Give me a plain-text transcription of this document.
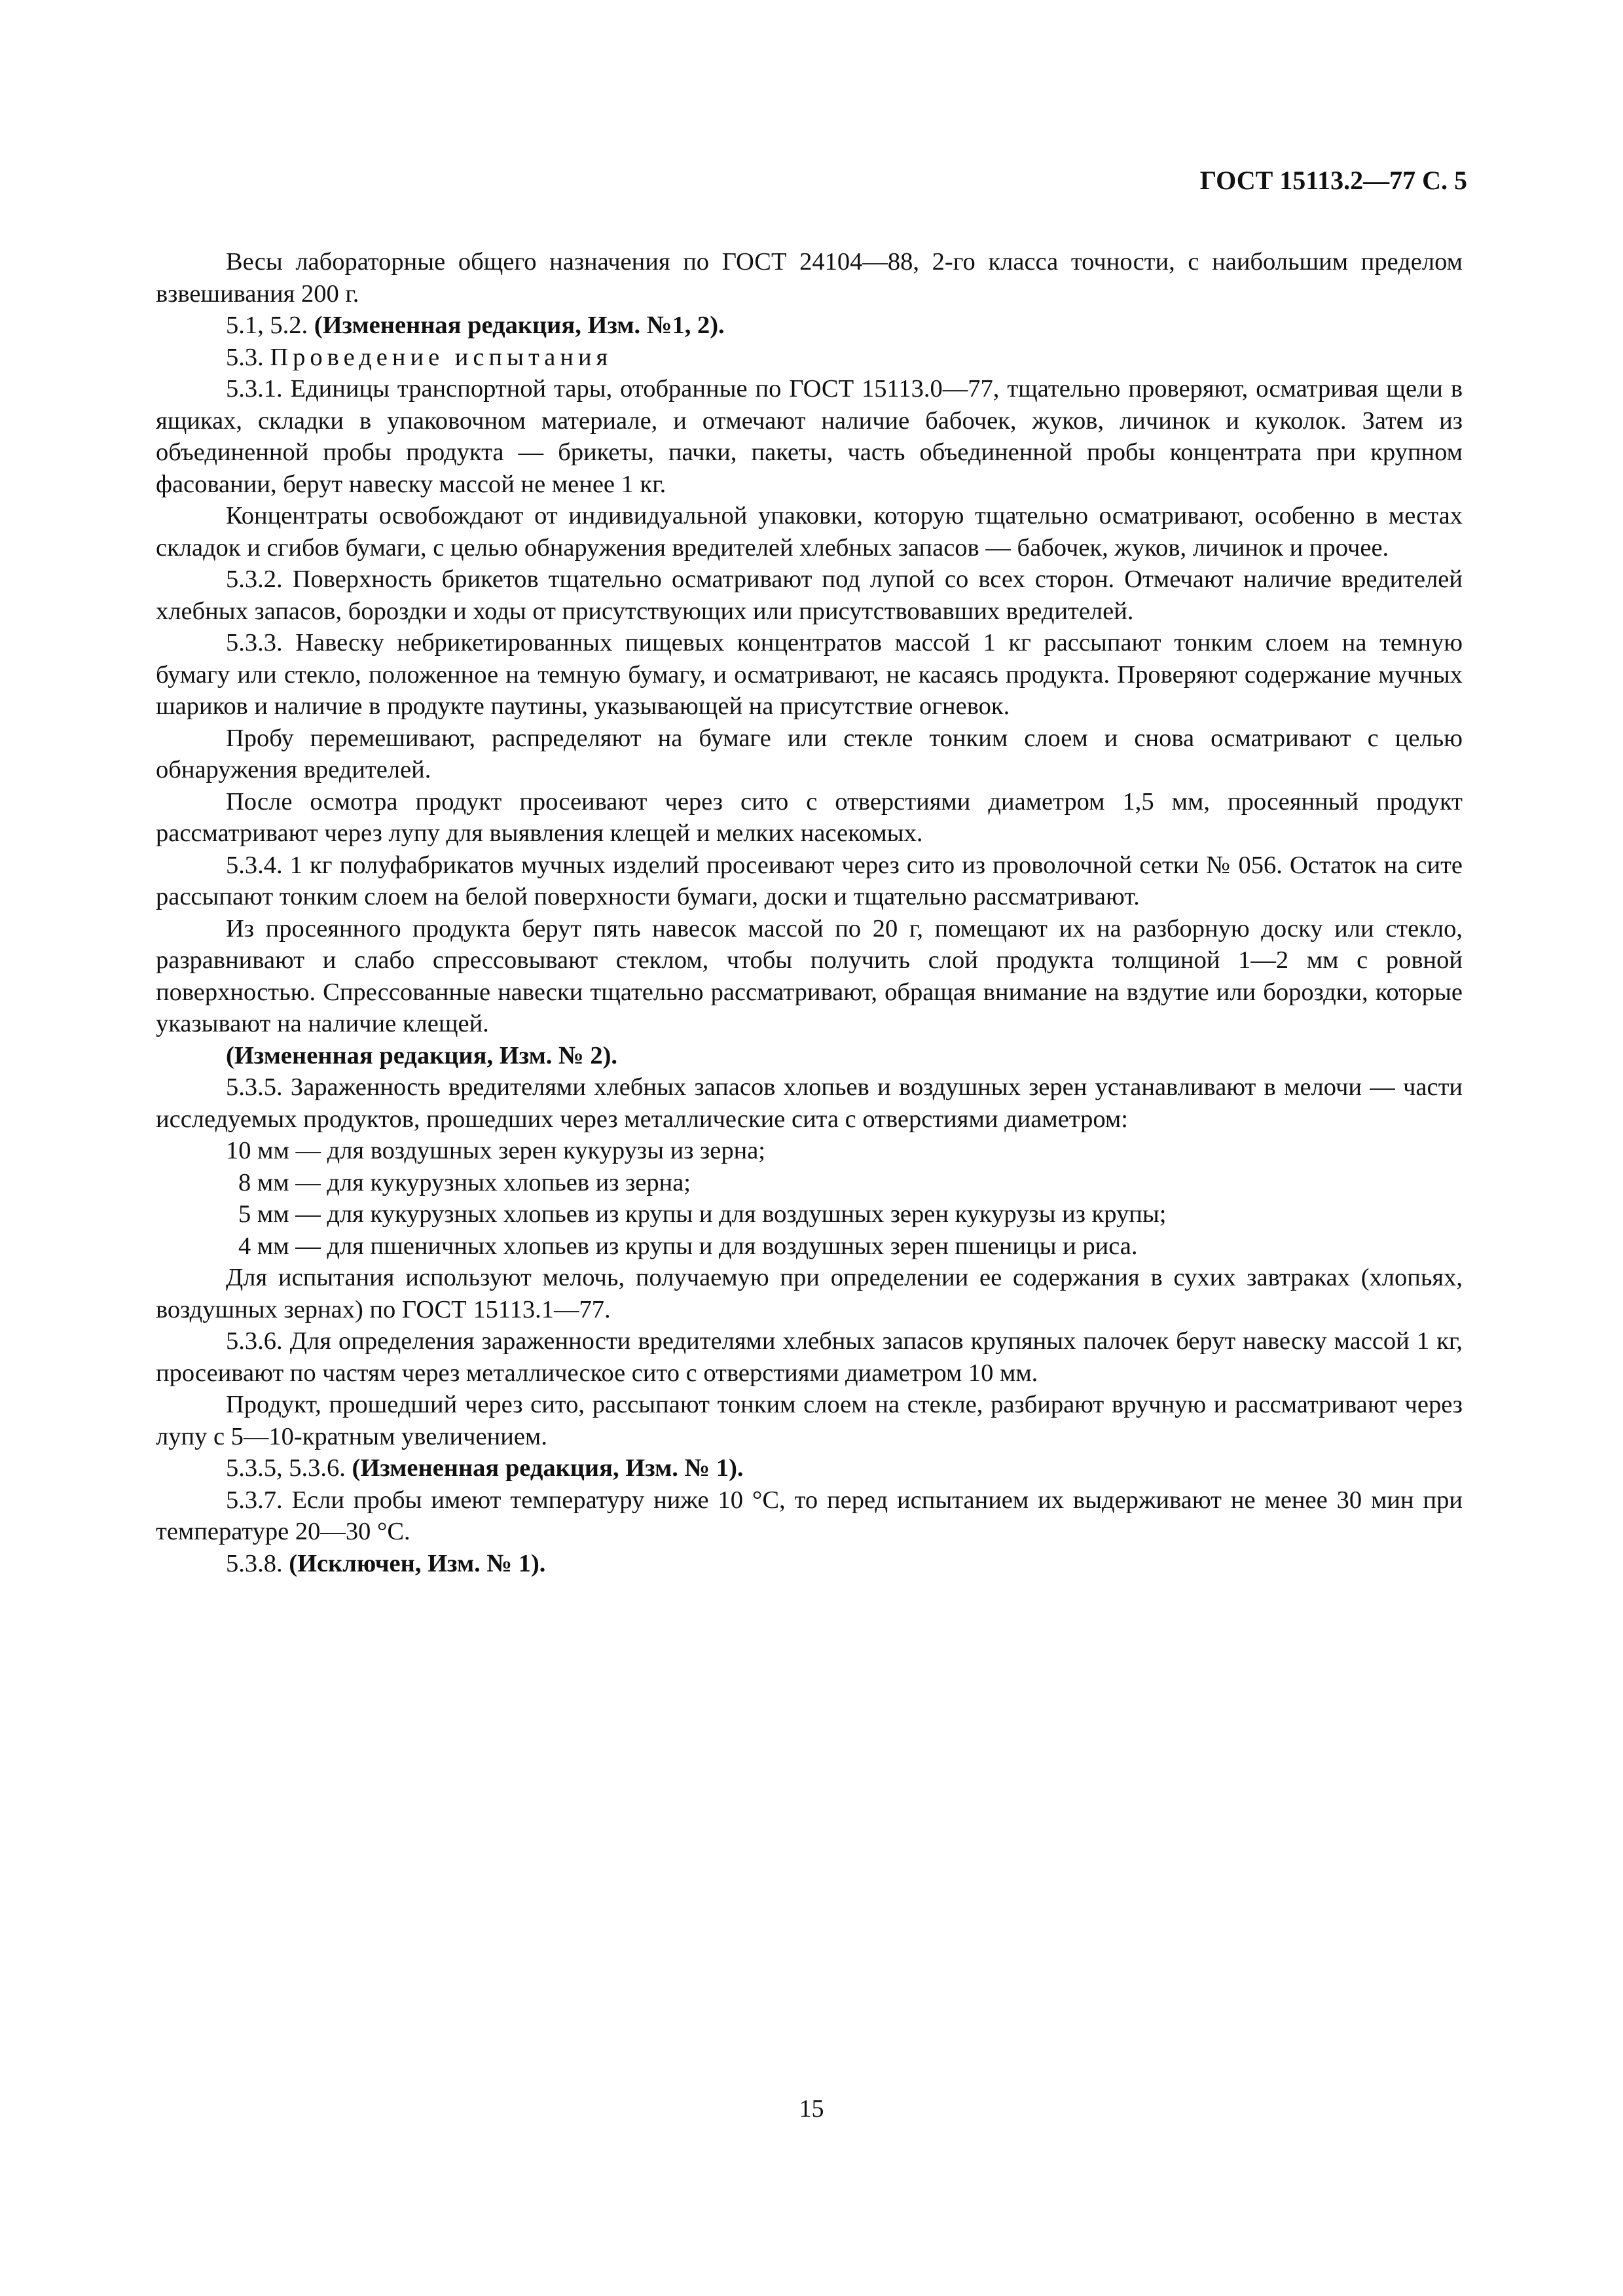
ГОСТ 15113.2—77 С. 5

Весы лабораторные общего назначения по ГОСТ 24104—88, 2-го класса точности, с наибольшим пределом взвешивания 200 г.

5.1, 5.2. (Измененная редакция, Изм. №1, 2).

5.3. Проведение испытания

5.3.1. Единицы транспортной тары, отобранные по ГОСТ 15113.0—77, тщательно проверяют, осматривая щели в ящиках, складки в упаковочном материале, и отмечают наличие бабочек, жуков, личинок и куколок. Затем из объединенной пробы продукта — брикеты, пачки, пакеты, часть объединенной пробы концентрата при крупном фасовании, берут навеску массой не менее 1 кг.

Концентраты освобождают от индивидуальной упаковки, которую тщательно осматривают, особенно в местах складок и сгибов бумаги, с целью обнаружения вредителей хлебных запасов — бабочек, жуков, личинок и прочее.

5.3.2. Поверхность брикетов тщательно осматривают под лупой со всех сторон. Отмечают наличие вредителей хлебных запасов, бороздки и ходы от присутствующих или присутствовавших вредителей.

5.3.3. Навеску небрикетированных пищевых концентратов массой 1 кг рассыпают тонким слоем на темную бумагу или стекло, положенное на темную бумагу, и осматривают, не касаясь продукта. Проверяют содержание мучных шариков и наличие в продукте паутины, указывающей на присутствие огневок.

Пробу перемешивают, распределяют на бумаге или стекле тонким слоем и снова осматривают с целью обнаружения вредителей.

После осмотра продукт просеивают через сито с отверстиями диаметром 1,5 мм, просеянный продукт рассматривают через лупу для выявления клещей и мелких насекомых.

5.3.4. 1 кг полуфабрикатов мучных изделий просеивают через сито из проволочной сетки № 056. Остаток на сите рассыпают тонким слоем на белой поверхности бумаги, доски и тщательно рассматривают.

Из просеянного продукта берут пять навесок массой по 20 г, помещают их на разборную доску или стекло, разравнивают и слабо спрессовывают стеклом, чтобы получить слой продукта толщиной 1—2 мм с ровной поверхностью. Спрессованные навески тщательно рассматривают, обращая внимание на вздутие или бороздки, которые указывают на наличие клещей.

(Измененная редакция, Изм. № 2).

5.3.5. Зараженность вредителями хлебных запасов хлопьев и воздушных зерен устанавливают в мелочи — части исследуемых продуктов, прошедших через металлические сита с отверстиями диаметром:

10 мм — для воздушных зерен кукурузы из зерна;

8 мм — для кукурузных хлопьев из зерна;

5 мм — для кукурузных хлопьев из крупы и для воздушных зерен кукурузы из крупы;

4 мм — для пшеничных хлопьев из крупы и для воздушных зерен пшеницы и риса.

Для испытания используют мелочь, получаемую при определении ее содержания в сухих завтраках (хлопьях, воздушных зернах) по ГОСТ 15113.1—77.

5.3.6. Для определения зараженности вредителями хлебных запасов крупяных палочек берут навеску массой 1 кг, просеивают по частям через металлическое сито с отверстиями диаметром 10 мм.

Продукт, прошедший через сито, рассыпают тонким слоем на стекле, разбирают вручную и рассматривают через лупу с 5—10-кратным увеличением.

5.3.5, 5.3.6. (Измененная редакция, Изм. № 1).

5.3.7. Если пробы имеют температуру ниже 10 °С, то перед испытанием их выдерживают не менее 30 мин при температуре 20—30 °С.

5.3.8. (Исключен, Изм. № 1).

15
